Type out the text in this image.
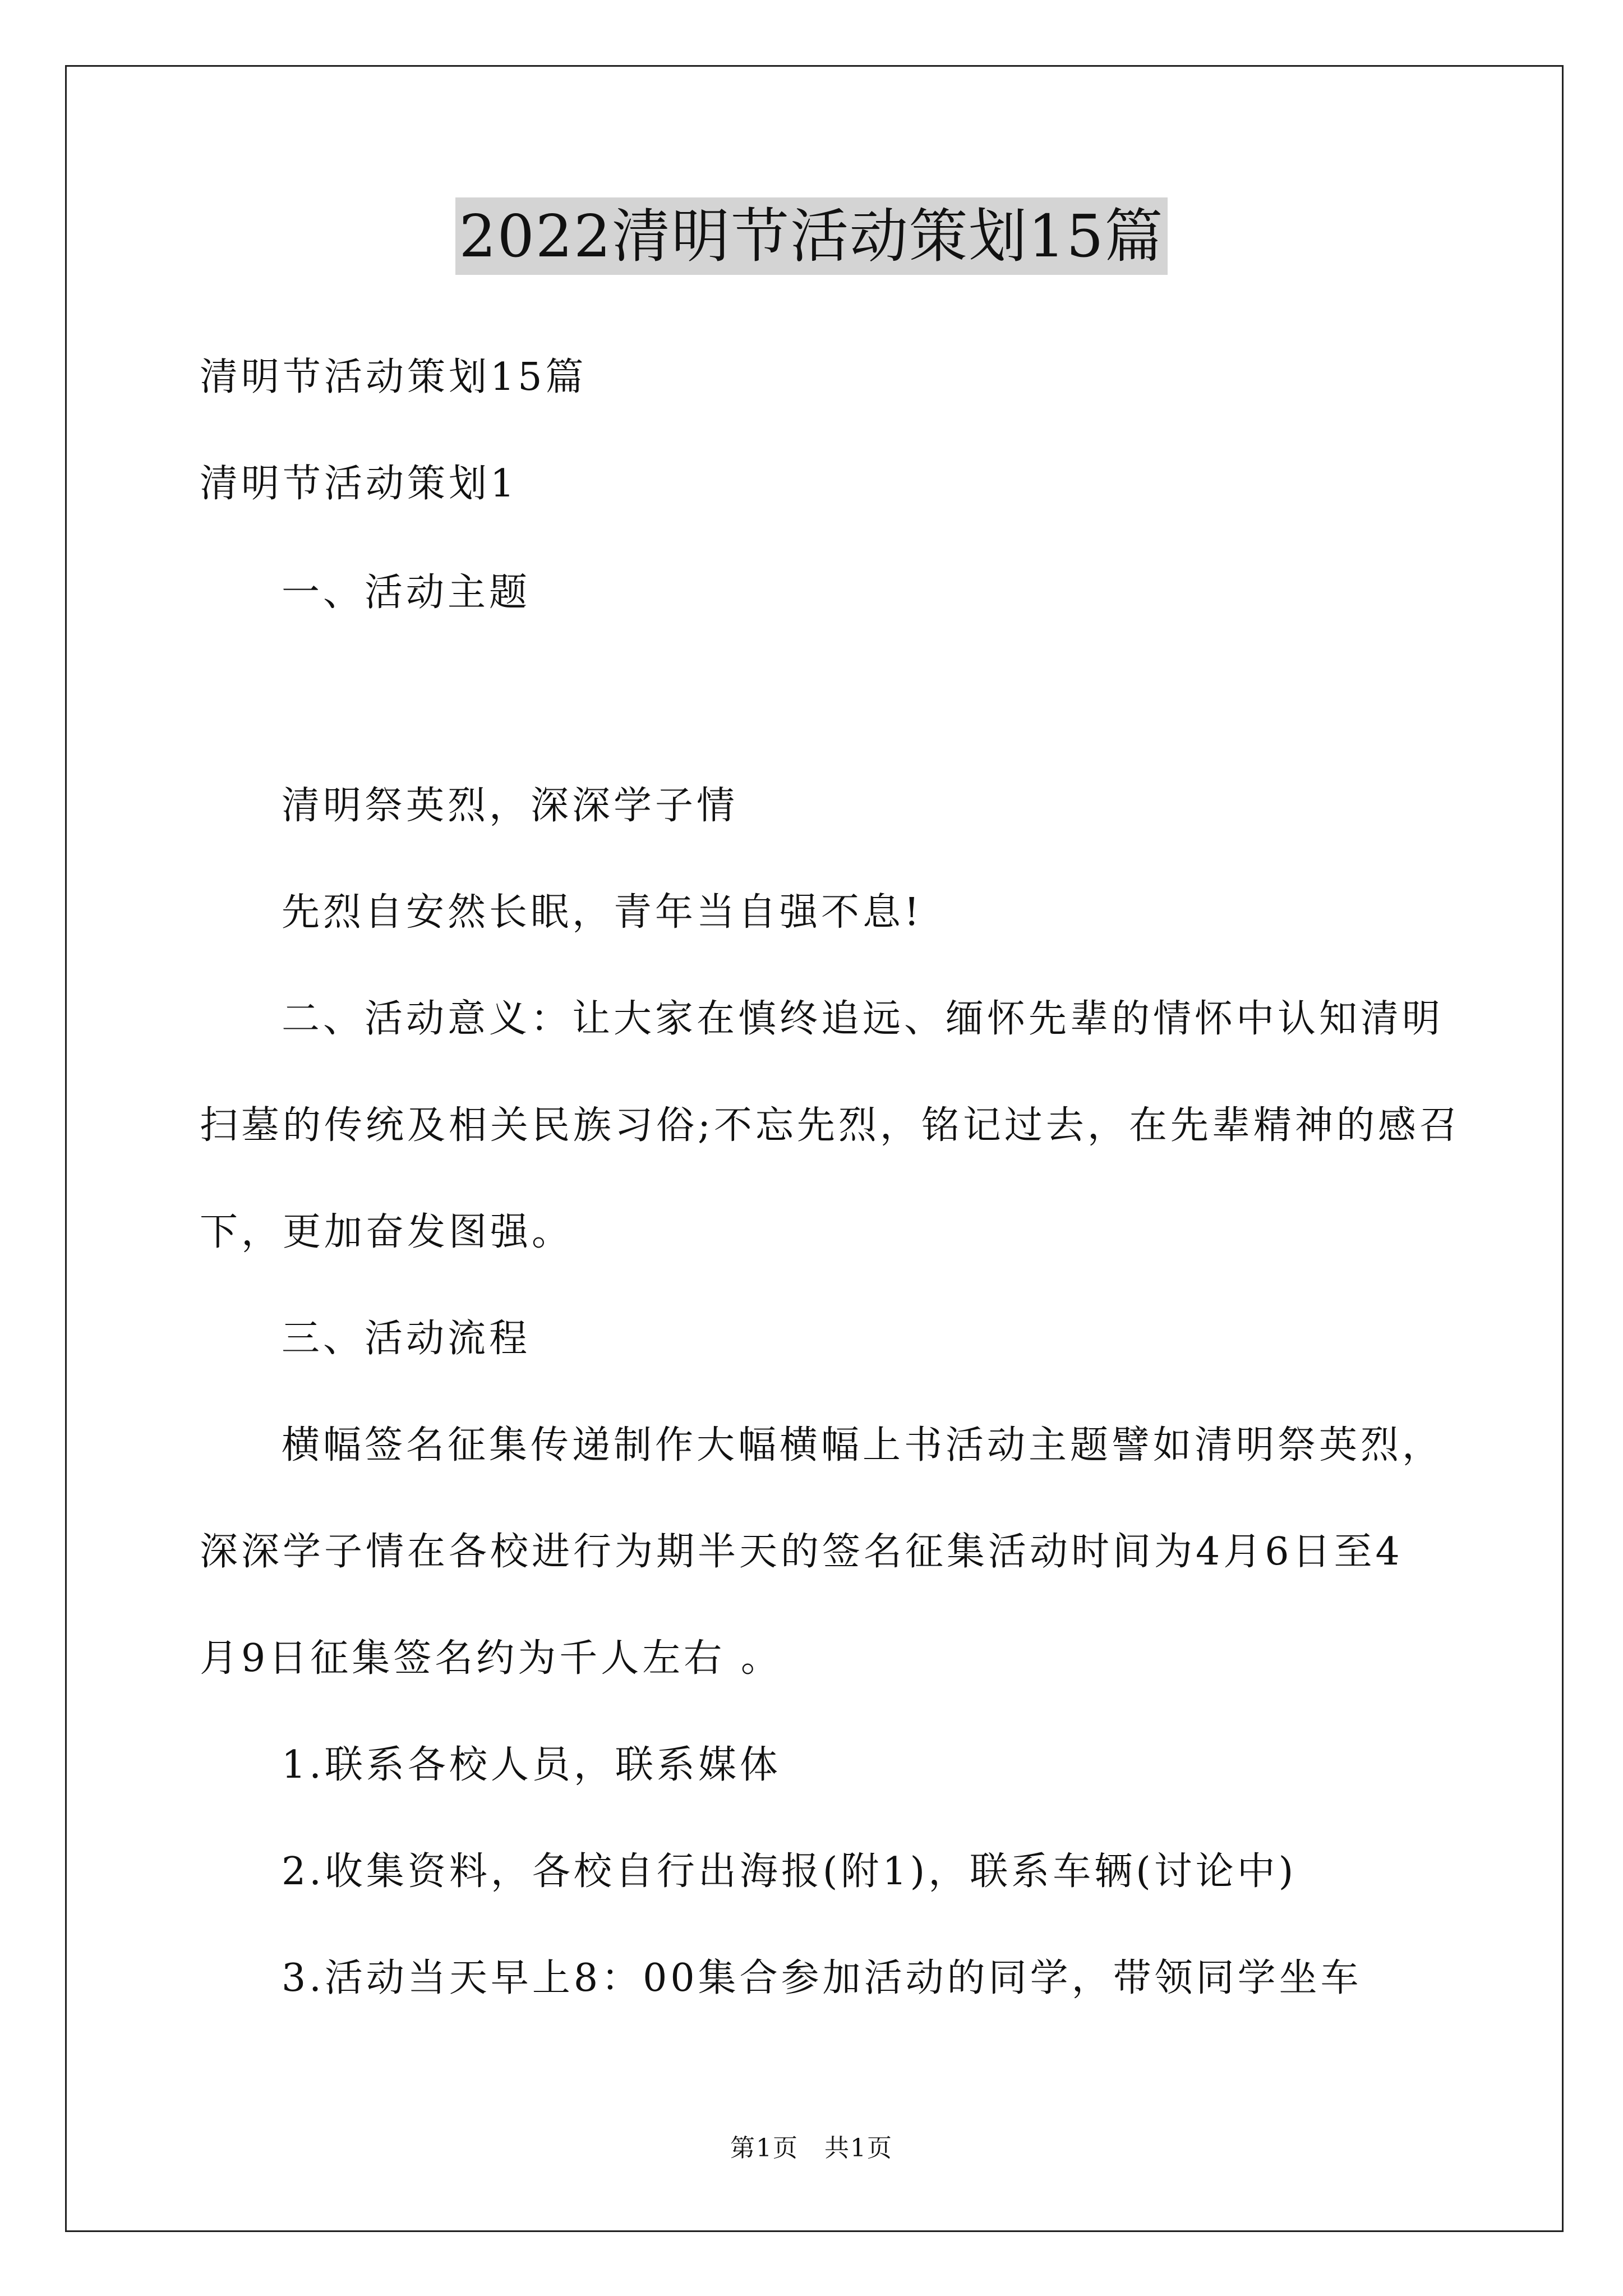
2022清明节活动策划15篇
清明节活动策划15篇
清明节活动策划1
一、活动主题
清明祭英烈，深深学子情
先烈自安然长眠，青年当自强不息!
二、活动意义：让大家在慎终追远、缅怀先辈的情怀中认知清明
扫墓的传统及相关民族习俗;不忘先烈，铭记过去，在先辈精神的感召
下，更加奋发图强。
三、活动流程
横幅签名征集传递制作大幅横幅上书活动主题譬如清明祭英烈，
深深学子情在各校进行为期半天的签名征集活动时间为4月6日至4
月9日征集签名约为千人左右 。
1.联系各校人员，联系媒体
2.收集资料，各校自行出海报(附1)，联系车辆(讨论中)
3.活动当天早上8：00集合参加活动的同学，带领同学坐车
第1页　共1页
